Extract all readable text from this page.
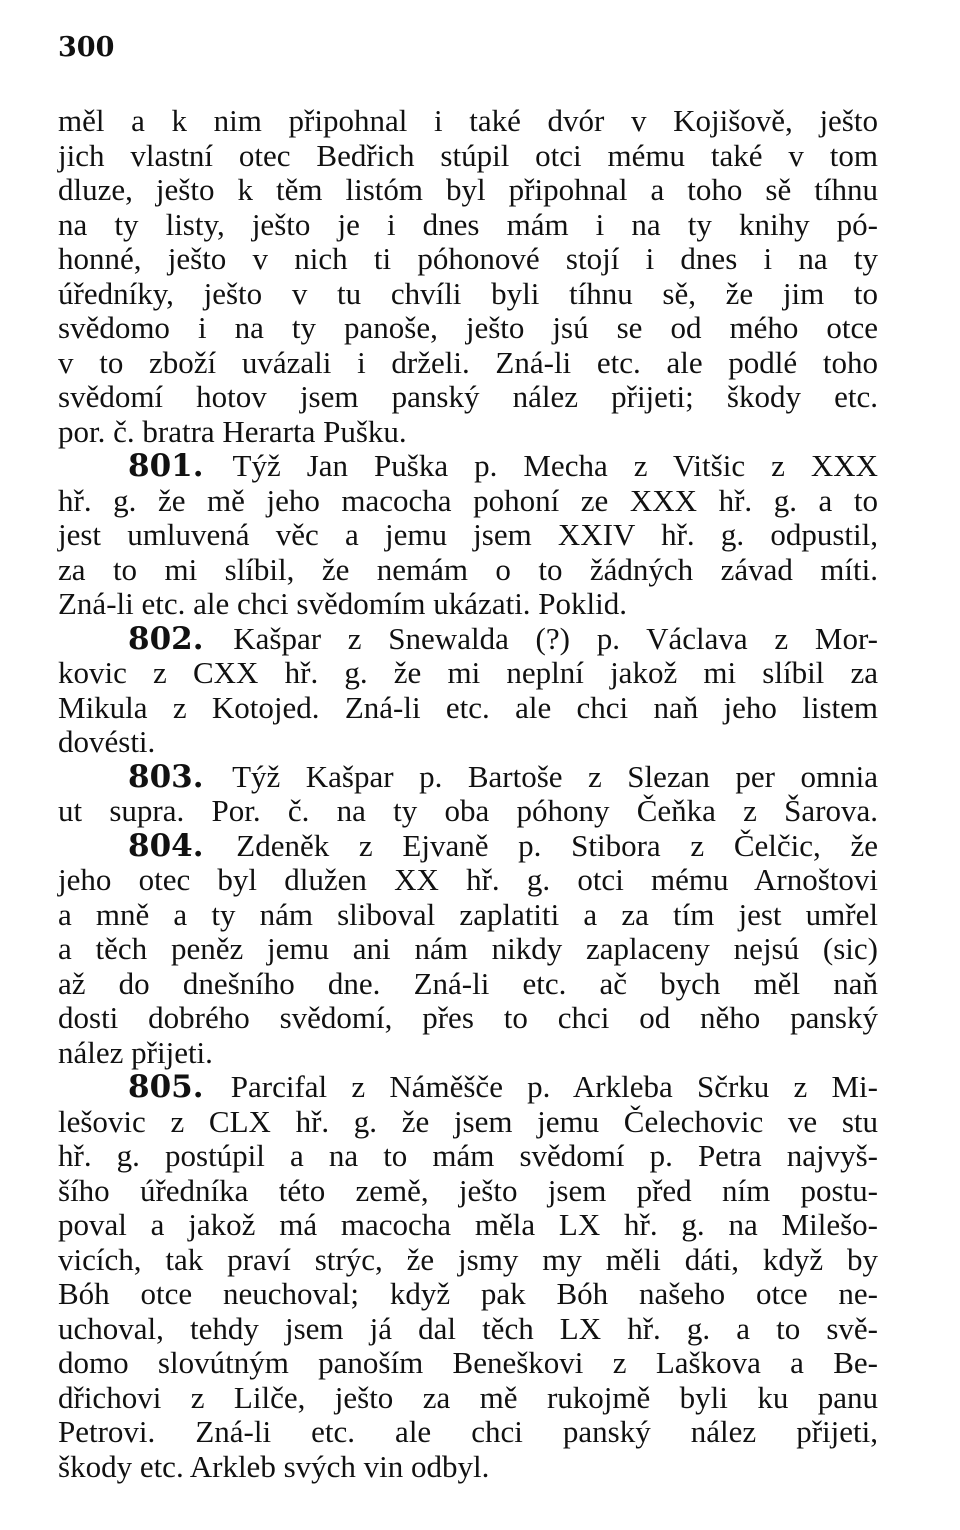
300
měl a k nim připohnal i také dvór v Kojišově, ješto
jich vlastní otec Bedřich stúpil otci mému také v tom
dluze, ješto k těm listóm byl připohnal a toho sě tíhnu
na ty listy, ješto je i dnes mám i na ty knihy pó-
honné, ješto v nich ti póhonové stojí i dnes i na ty
úředníky, ješto v tu chvíli byli tíhnu sě, že jim to
svědomo i na ty panoše, ješto jsú se od mého otce
v to zboží uvázali i drželi. Zná-li etc. ale podlé toho
svědomí hotov jsem panský nález přijeti; škody etc.
por. č. bratra Herarta Pušku.
801. Týž Jan Puška p. Mecha z Vitšic z XXX
hř. g. že mě jeho macocha pohoní ze XXX hř. g. a to
jest umluvená věc a jemu jsem XXIV hř. g. odpustil,
za to mi slíbil, že nemám o to žádných závad míti.
Zná-li etc. ale chci svědomím ukázati. Poklid.
802. Kašpar z Snewalda (?) p. Václava z Mor-
kovic z CXX hř. g. že mi neplní jakož mi slíbil za
Mikula z Kotojed. Zná-li etc. ale chci naň jeho listem
dovésti.
803. Týž Kašpar p. Bartoše z Slezan per omnia
ut supra. Por. č. na ty oba póhony Čeňka z Šarova.
804. Zdeněk z Ejvaně p. Stibora z Čelčic, že
jeho otec byl dlužen XX hř. g. otci mému Arnoštovi
a mně a ty nám sliboval zaplatiti a za tím jest umřel
a těch peněz jemu ani nám nikdy zaplaceny nejsú (sic)
až do dnešního dne. Zná-li etc. ač bych měl naň
dosti dobrého svědomí, přes to chci od něho panský
nález přijeti.
805. Parcifal z Náměšče p. Arkleba Sčrku z Mi-
lešovic z CLX hř. g. že jsem jemu Čelechovic ve stu
hř. g. postúpil a na to mám svědomí p. Petra najvyš-
šího úředníka této země, ješto jsem před ním postu-
poval a jakož má macocha měla LX hř. g. na Milešo-
vicích, tak praví strýc, že jsmy my měli dáti, když by
Bóh otce neuchoval; když pak Bóh našeho otce ne-
uchoval, tehdy jsem já dal těch LX hř. g. a to svě-
domo slovútným panoším Beneškovi z Laškova a Be-
dřichovi z Lilče, ješto za mě rukojmě byli ku panu
Petrovi. Zná-li etc. ale chci panský nález přijeti,
škody etc. Arkleb svých vin odbyl.
